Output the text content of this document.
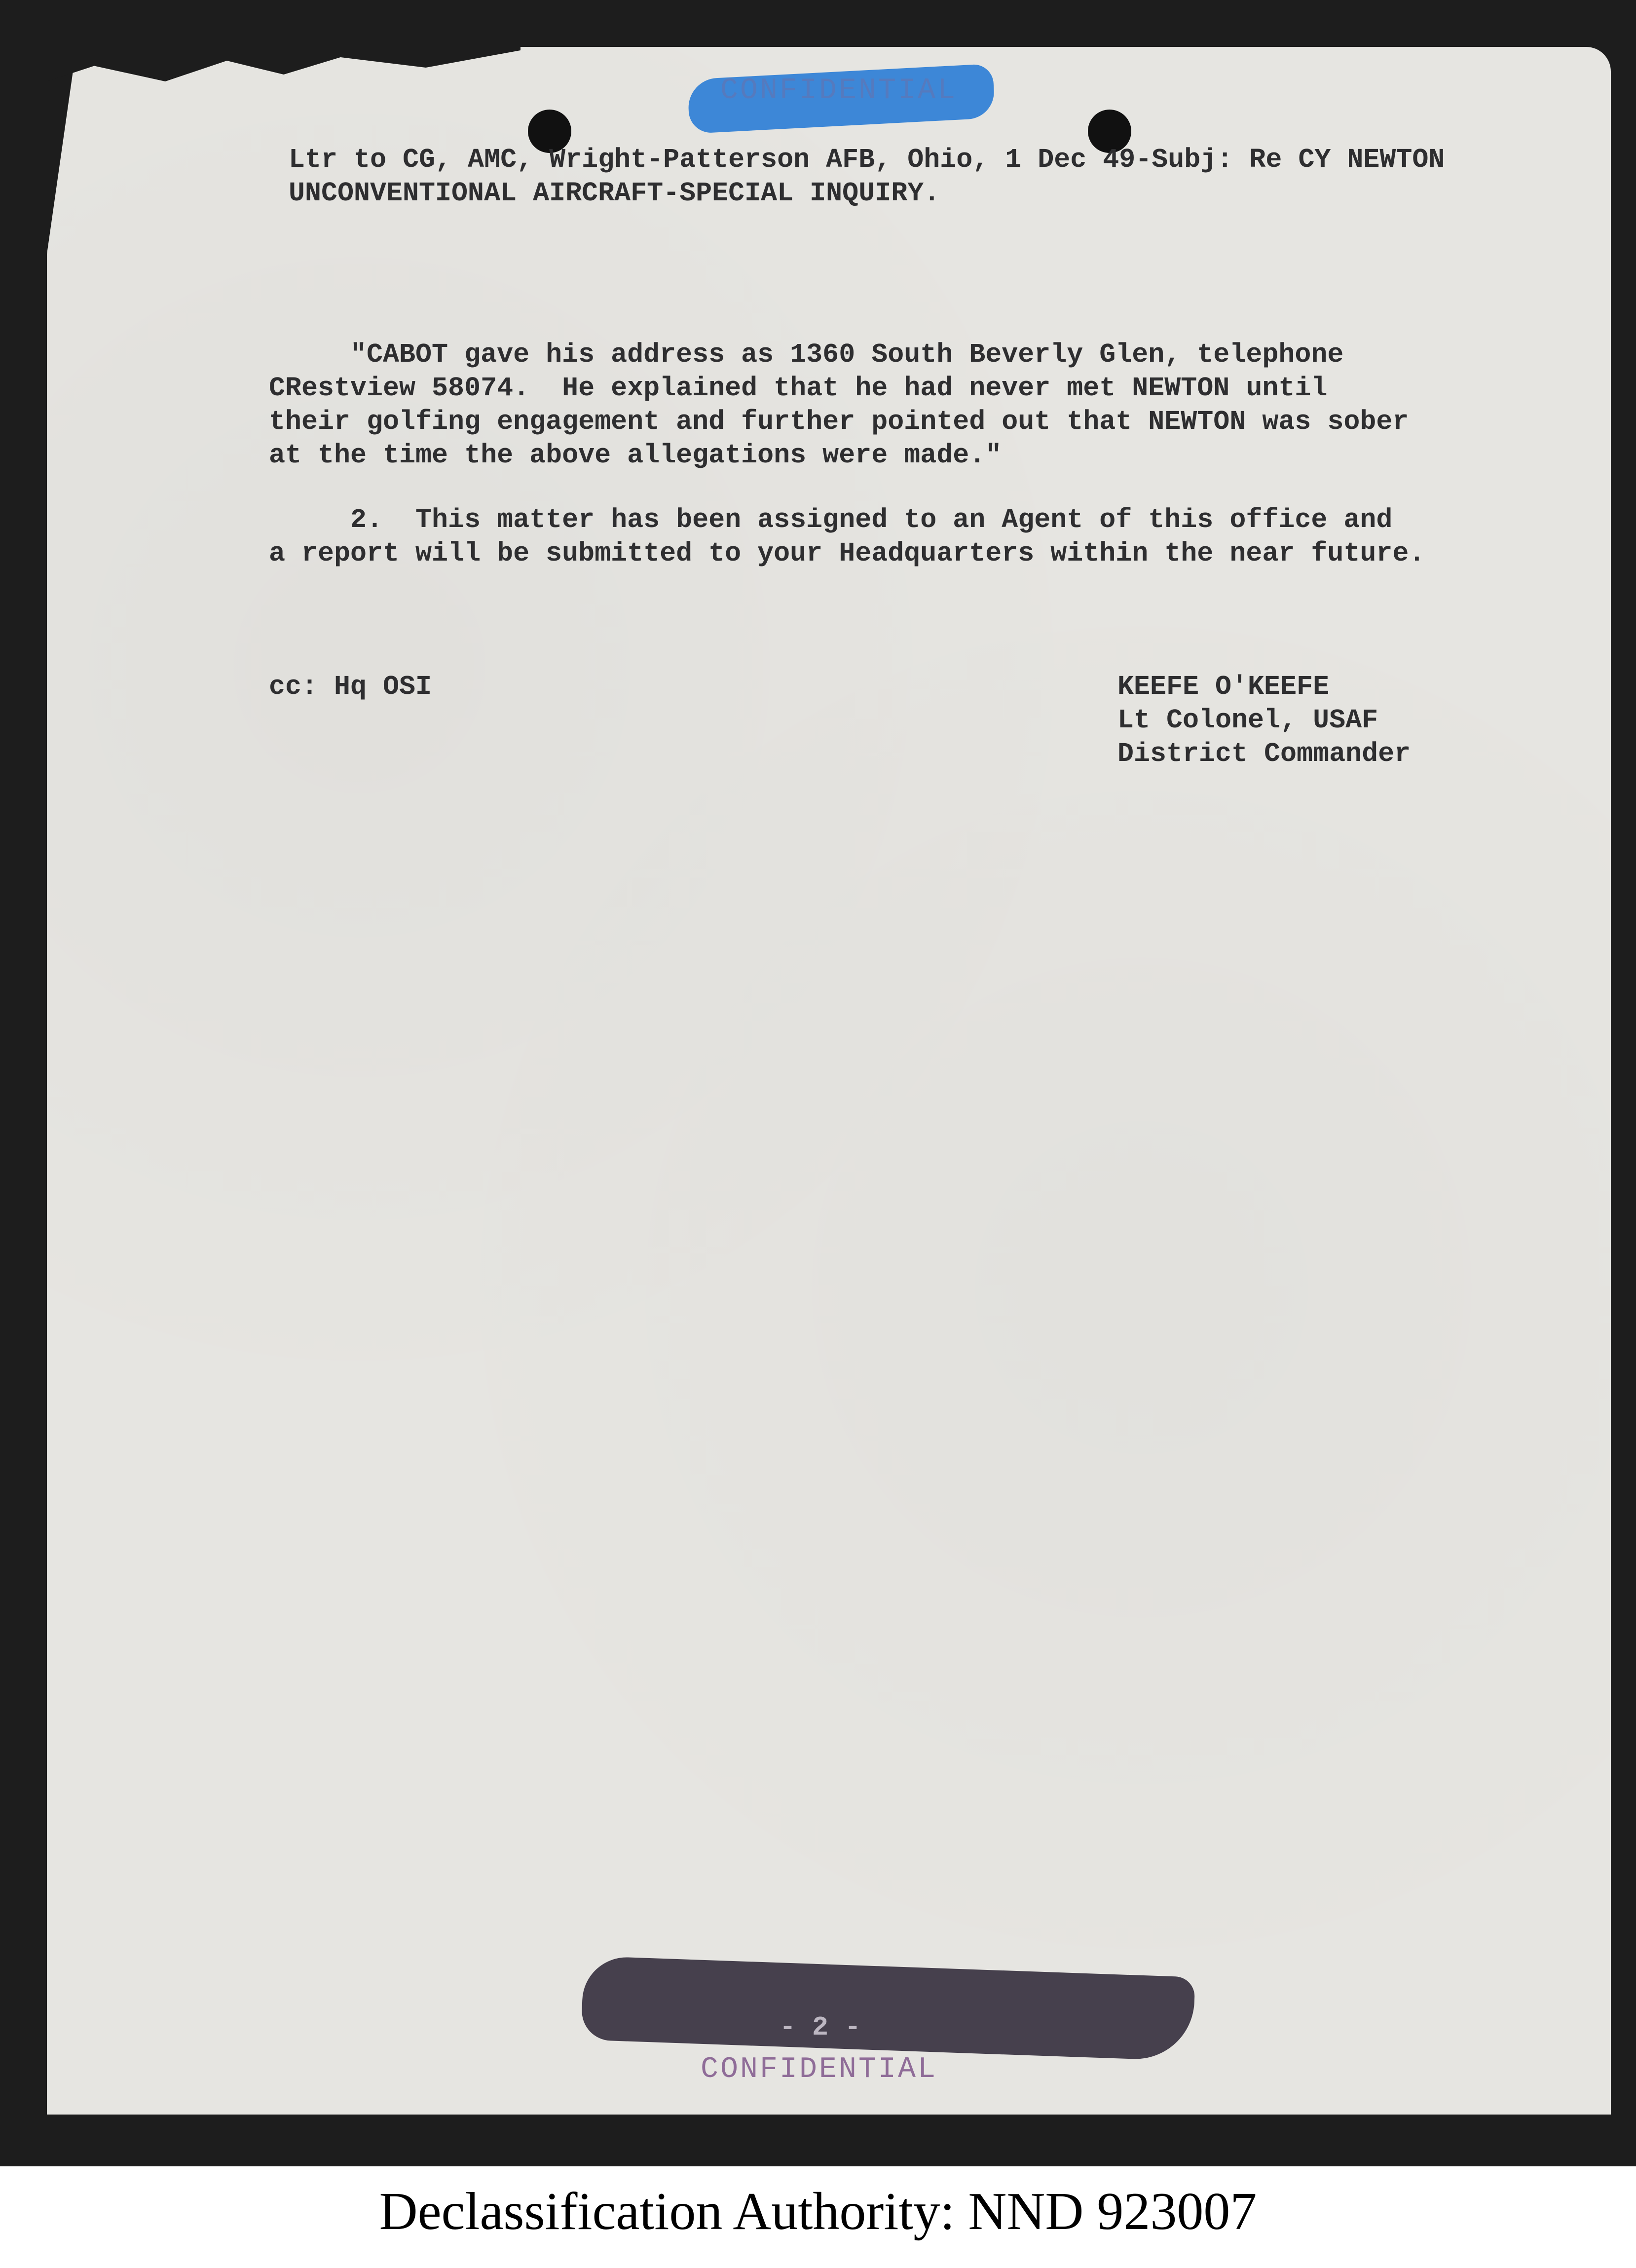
CONFIDENTIAL
Ltr to CG, AMC, Wright-Patterson AFB, Ohio, 1 Dec 49-Subj: Re CY NEWTON
UNCONVENTIONAL AIRCRAFT-SPECIAL INQUIRY.
"CABOT gave his address as 1360 South Beverly Glen, telephone
CRestview 58074.  He explained that he had never met NEWTON until
their golfing engagement and further pointed out that NEWTON was sober
at the time the above allegations were made."
2.  This matter has been assigned to an Agent of this office and
a report will be submitted to your Headquarters within the near future.
cc: Hq OSI	KEEFE O'KEEFE
Lt Colonel, USAF
District Commander
CONFIDENTIAL
- 2 -
Declassification Authority: NND 923007
